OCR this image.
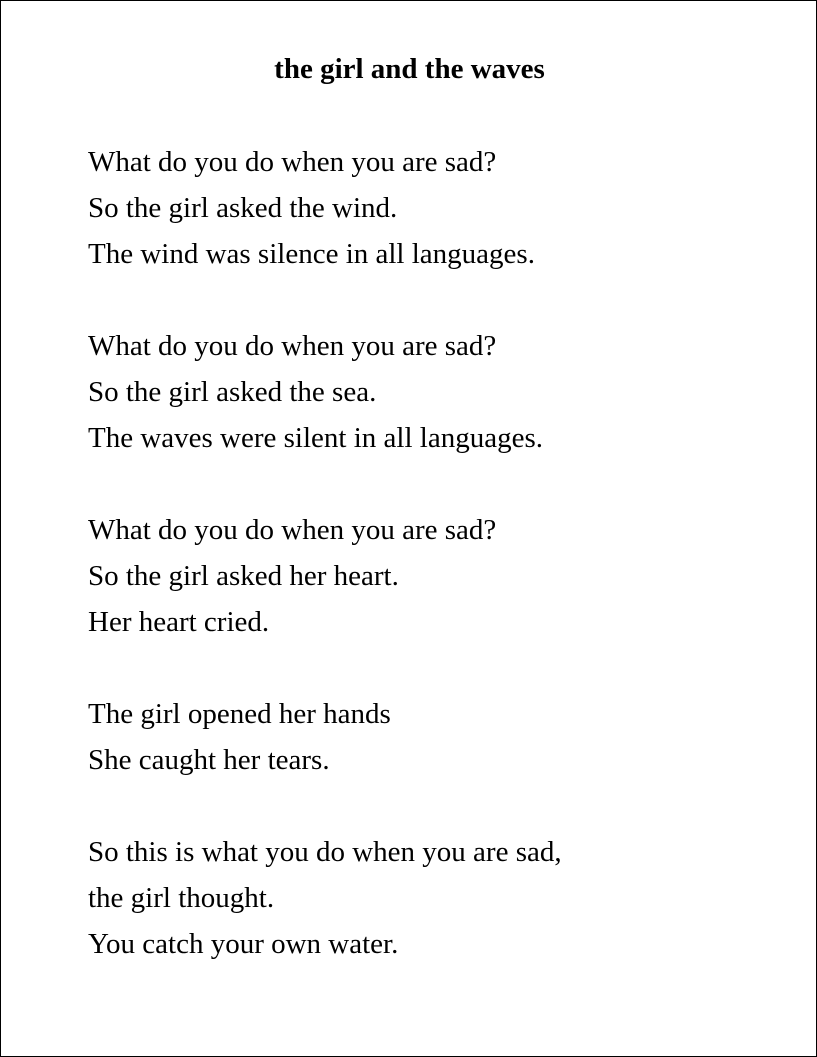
the girl and the waves
What do you do when you are sad?
So the girl asked the wind.
The wind was silence in all languages.
What do you do when you are sad?
So the girl asked the sea.
The waves were silent in all languages.
What do you do when you are sad?
So the girl asked her heart.
Her heart cried.
The girl opened her hands
She caught her tears.
So this is what you do when you are sad,
the girl thought.
You catch your own water.
